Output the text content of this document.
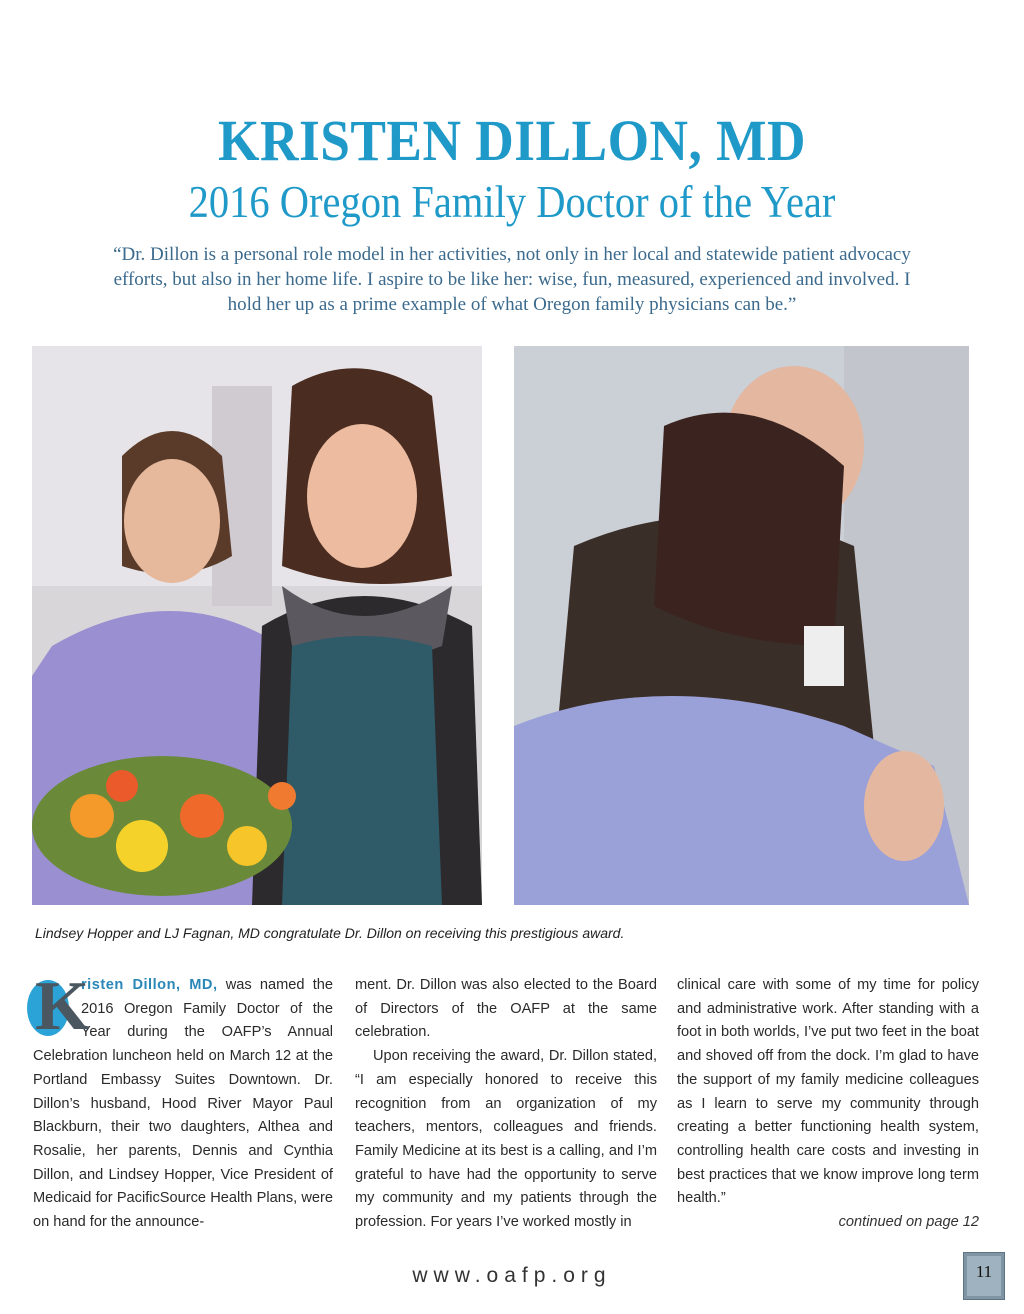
KRISTEN DILLON, MD
2016 Oregon Family Doctor of the Year
“Dr. Dillon is a personal role model in her activities, not only in her local and statewide patient advocacy efforts, but also in her home life. I aspire to be like her: wise, fun, measured, experienced and involved. I hold her up as a prime example of what Oregon family physicians can be.”
Lindsey Hopper and LJ Fagnan, MD congratulate Dr. Dillon on receiving this prestigious award.

K
risten Dillon, MD, was named the 2016 Oregon Family Doctor of the Year during the OAFP’s Annual Celebration luncheon held on March 12 at the Portland Embassy Suites Downtown. Dr. Dillon’s husband, Hood River Mayor Paul Blackburn, their two daughters, Althea and Rosalie, her parents, Dennis and Cynthia Dillon, and Lindsey Hopper, Vice President of Medicaid for PacificSource Health Plans, were on hand for the announce-

ment. Dr. Dillon was also elected to the Board of Directors of the OAFP at the same celebration.

Upon receiving the award, Dr. Dillon stated, “I am especially honored to receive this recognition from an organization of my teachers, mentors, colleagues and friends. Family Medicine at its best is a calling, and I’m grateful to have had the opportunity to serve my community and my patients through the profession. For years I’ve worked mostly in

clinical care with some of my time for policy and administrative work. After standing with a foot in both worlds, I’ve put two feet in the boat and shoved off from the dock. I’m glad to have the support of my family medicine colleagues as I learn to serve my community through creating a better functioning health system, controlling health care costs and investing in best practices that we know improve long term health.”

continued on page 12

www.oafp.org	11
